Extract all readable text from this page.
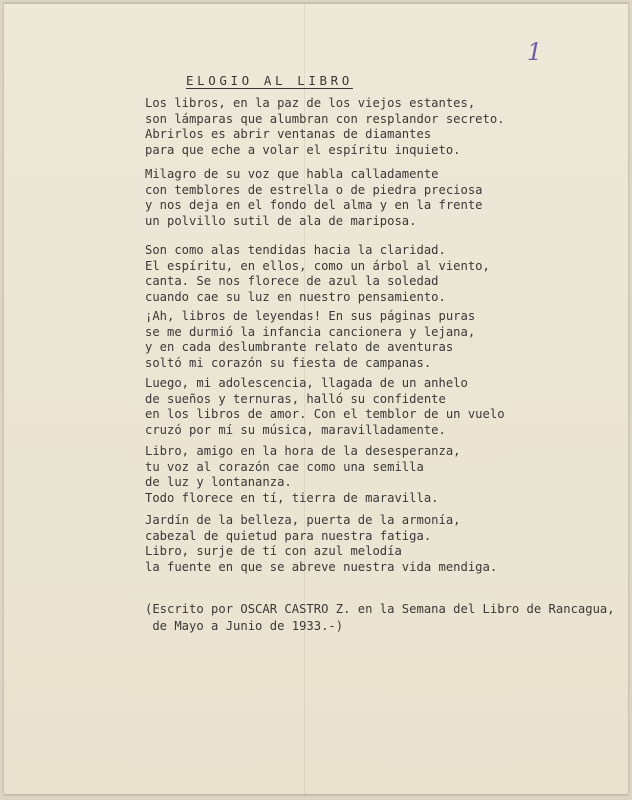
1
ELOGIO AL LIBRO
Los libros, en la paz de los viejos estantes,
son lámparas que alumbran con resplandor secreto.
Abrirlos es abrir ventanas de diamantes
para que eche a volar el espíritu inquieto.
Milagro de su voz que habla calladamente
con temblores de estrella o de piedra preciosa
y nos deja en el fondo del alma y en la frente
un polvillo sutil de ala de mariposa.
Son como alas tendidas hacia la claridad.
El espíritu, en ellos, como un árbol al viento,
canta. Se nos florece de azul la soledad
cuando cae su luz en nuestro pensamiento.
¡Ah, libros de leyendas! En sus páginas puras
se me durmió la infancia cancionera y lejana,
y en cada deslumbrante relato de aventuras
soltó mi corazón su fiesta de campanas.
Luego, mi adolescencia, llagada de un anhelo
de sueños y ternuras, halló su confidente
en los libros de amor. Con el temblor de un vuelo
cruzó por mí su música, maravilladamente.
Libro, amigo en la hora de la desesperanza,
tu voz al corazón cae como una semilla
de luz y lontananza.
Todo florece en tí, tierra de maravilla.
Jardín de la belleza, puerta de la armonía,
cabezal de quietud para nuestra fatiga.
Libro, surje de tí con azul melodía
la fuente en que se abreve nuestra vida mendiga.
(Escrito por OSCAR CASTRO Z. en la Semana del Libro de Rancagua,
de Mayo a Junio de 1933.-)
